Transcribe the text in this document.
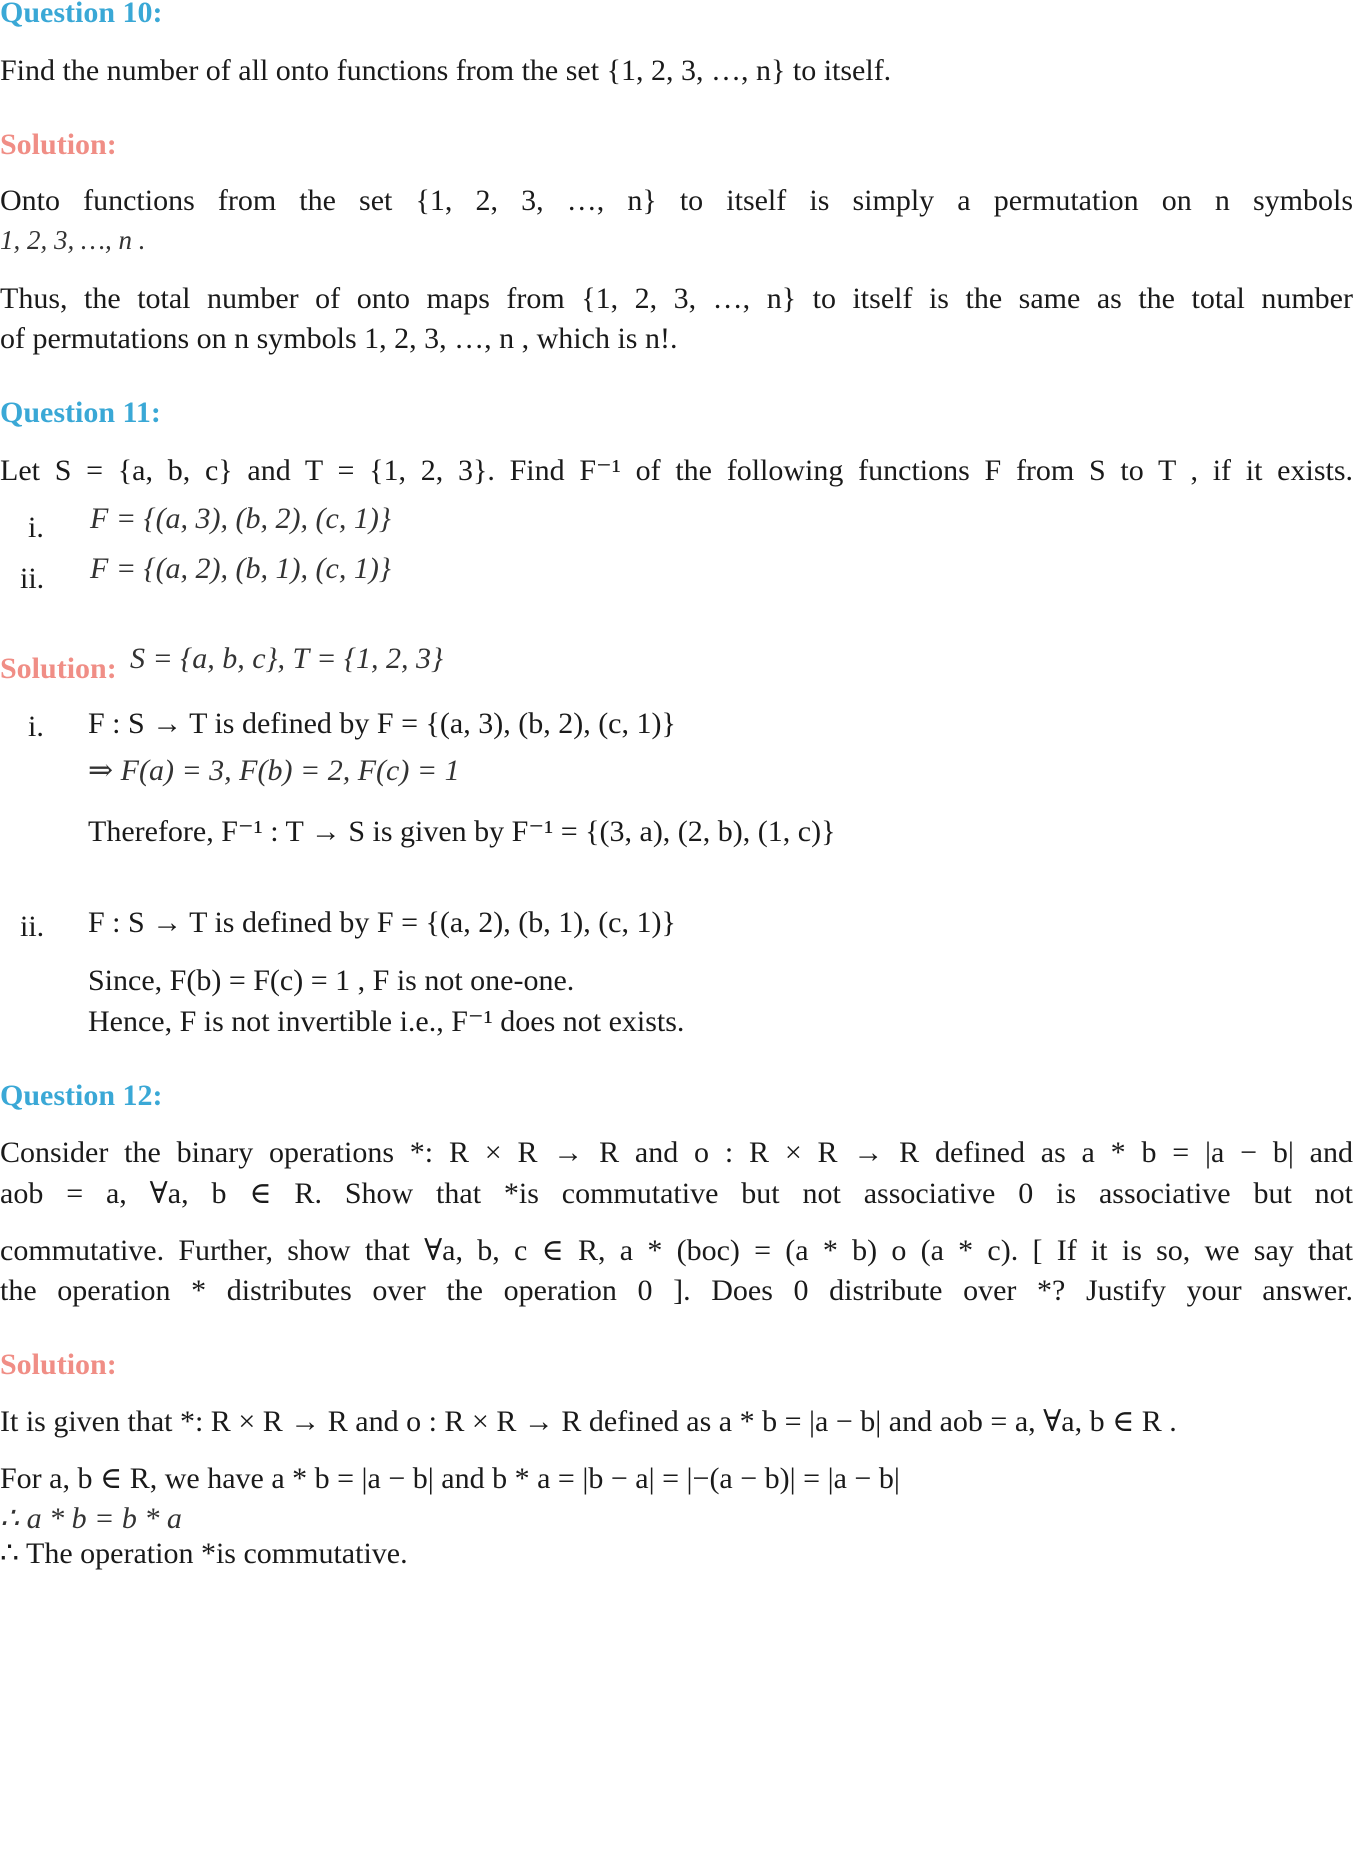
Question 10:
Find the number of all onto functions from the set {1, 2, 3, …, n} to itself.
Solution:
Onto functions from the set {1, 2, 3, …, n} to itself is simply a permutation on n symbols
1, 2, 3, …, n .
Thus, the total number of onto maps from {1, 2, 3, …, n} to itself is the same as the total number
of permutations on n symbols 1, 2, 3, …, n , which is n!.
Question 11:
Let S = {a, b, c} and T = {1, 2, 3}. Find F⁻¹ of the following functions F from S to T , if it exists.
i. F = {(a, 3), (b, 2), (c, 1)}
ii. F = {(a, 2), (b, 1), (c, 1)}
Solution: S = {a, b, c}, T = {1, 2, 3}
i. F : S → T is defined by F = {(a, 3), (b, 2), (c, 1)}
⇒ F(a) = 3, F(b) = 2, F(c) = 1
Therefore, F⁻¹ : T → S is given by F⁻¹ = {(3, a), (2, b), (1, c)}
ii. F : S → T is defined by F = {(a, 2), (b, 1), (c, 1)}
Since, F(b) = F(c) = 1 , F is not one-one.
Hence, F is not invertible i.e., F⁻¹ does not exists.
Question 12:
Consider the binary operations *: R × R → R and o : R × R → R defined as a * b = |a − b| and
aob = a, ∀a, b ∈ R. Show that *is commutative but not associative 0 is associative but not
commutative. Further, show that ∀a, b, c ∈ R, a * (boc) = (a * b) o (a * c). [ If it is so, we say that
the operation * distributes over the operation 0 ]. Does 0 distribute over *? Justify your answer.
Solution:
It is given that *: R × R → R and o : R × R → R defined as a * b = |a − b| and aob = a, ∀a, b ∈ R .
For a, b ∈ R, we have a * b = |a − b| and b * a = |b − a| = |−(a − b)| = |a − b|
∴ a * b = b * a
∴ The operation *is commutative.
